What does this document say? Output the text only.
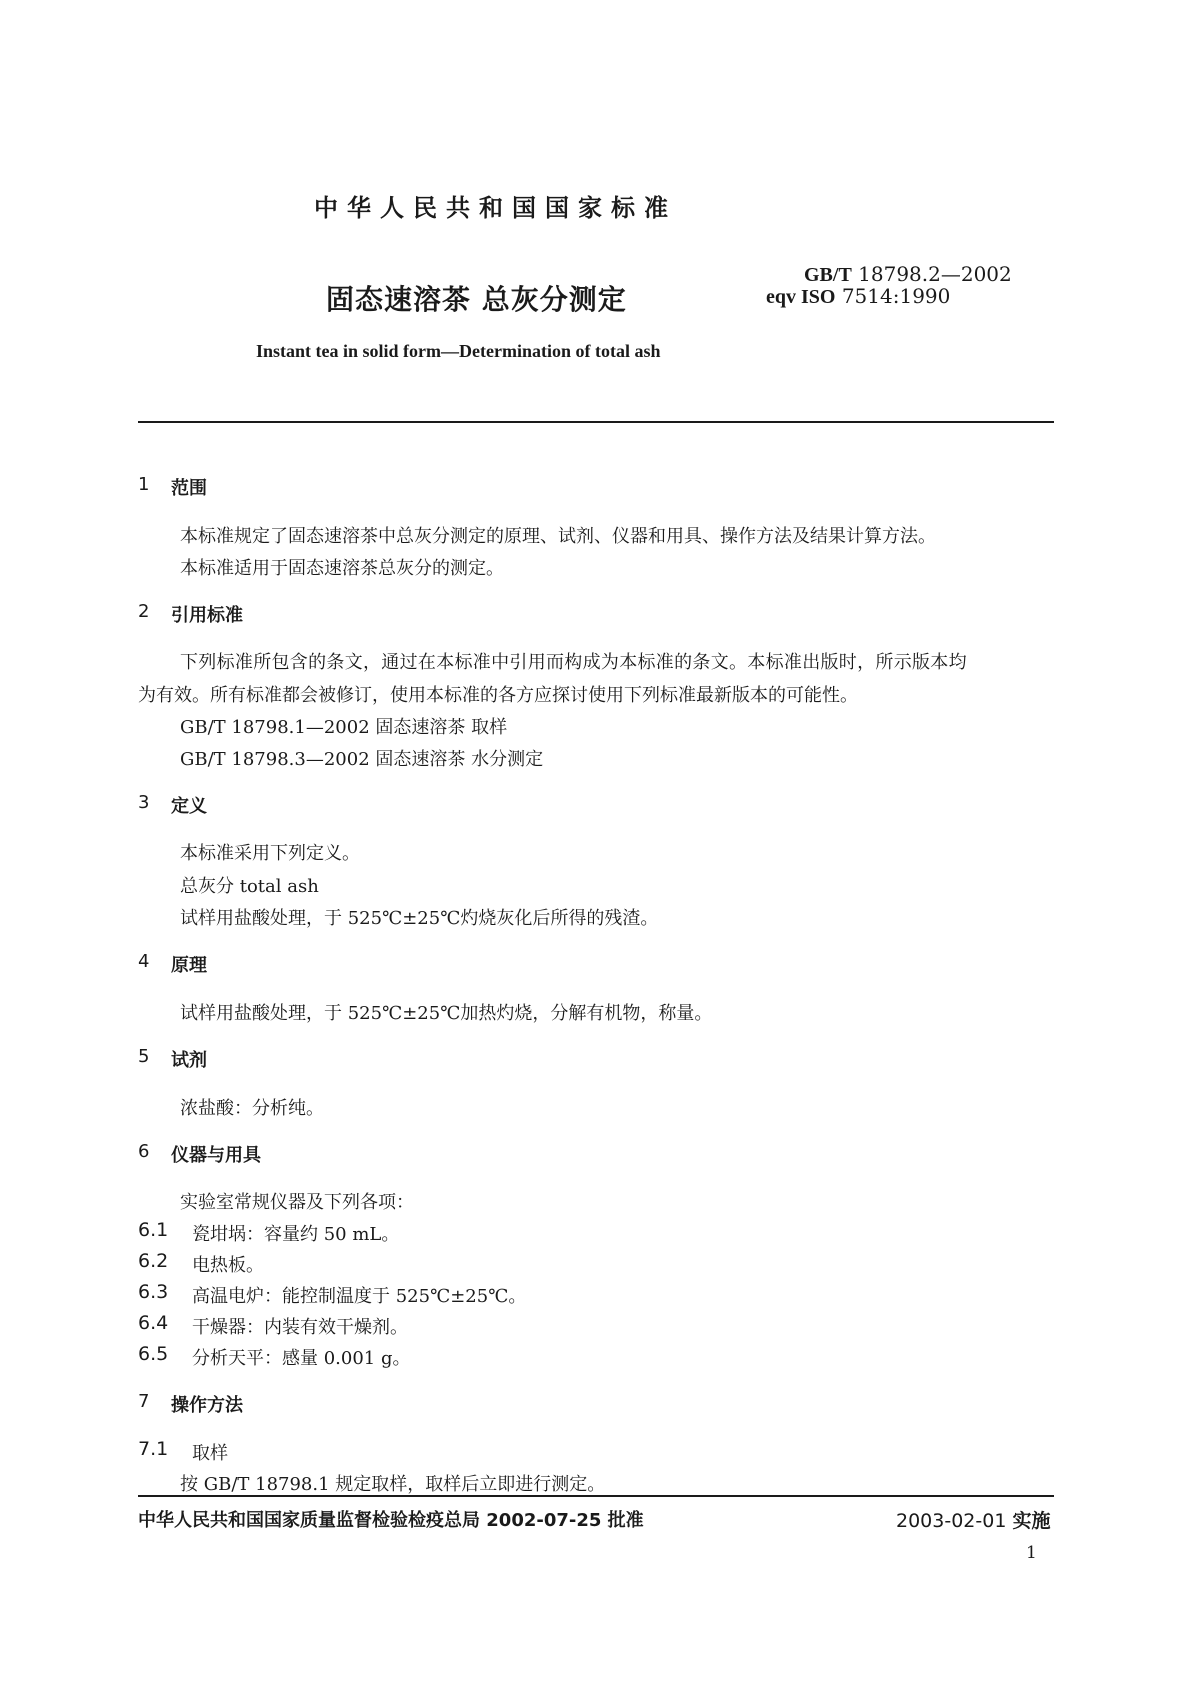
中华人民共和国国家标准
固态速溶茶 总灰分测定
GB/T 18798.2—2002
eqv ISO 7514:1990
Instant tea in solid form—Determination of total ash
1 范围
本标准规定了固态速溶茶中总灰分测定的原理、试剂、仪器和用具、操作方法及结果计算方法。
本标准适用于固态速溶茶总灰分的测定。
2 引用标准
下列标准所包含的条文，通过在本标准中引用而构成为本标准的条文。本标准出版时，所示版本均
为有效。所有标准都会被修订，使用本标准的各方应探讨使用下列标准最新版本的可能性。
GB/T 18798.1—2002 固态速溶茶 取样
GB/T 18798.3—2002 固态速溶茶 水分测定
3 定义
本标准采用下列定义。
总灰分 total ash
试样用盐酸处理，于 525℃±25℃灼烧灰化后所得的残渣。
4 原理
试样用盐酸处理，于 525℃±25℃加热灼烧，分解有机物，称量。
5 试剂
浓盐酸：分析纯。
6 仪器与用具
实验室常规仪器及下列各项：
6.1 瓷坩埚：容量约 50 mL。
6.2 电热板。
6.3 高温电炉：能控制温度于 525℃±25℃。
6.4 干燥器：内装有效干燥剂。
6.5 分析天平：感量 0.001 g。
7 操作方法
7.1 取样
按 GB/T 18798.1 规定取样，取样后立即进行测定。
中华人民共和国国家质量监督检验检疫总局 2002-07-25 批准	2003-02-01 实施
1
